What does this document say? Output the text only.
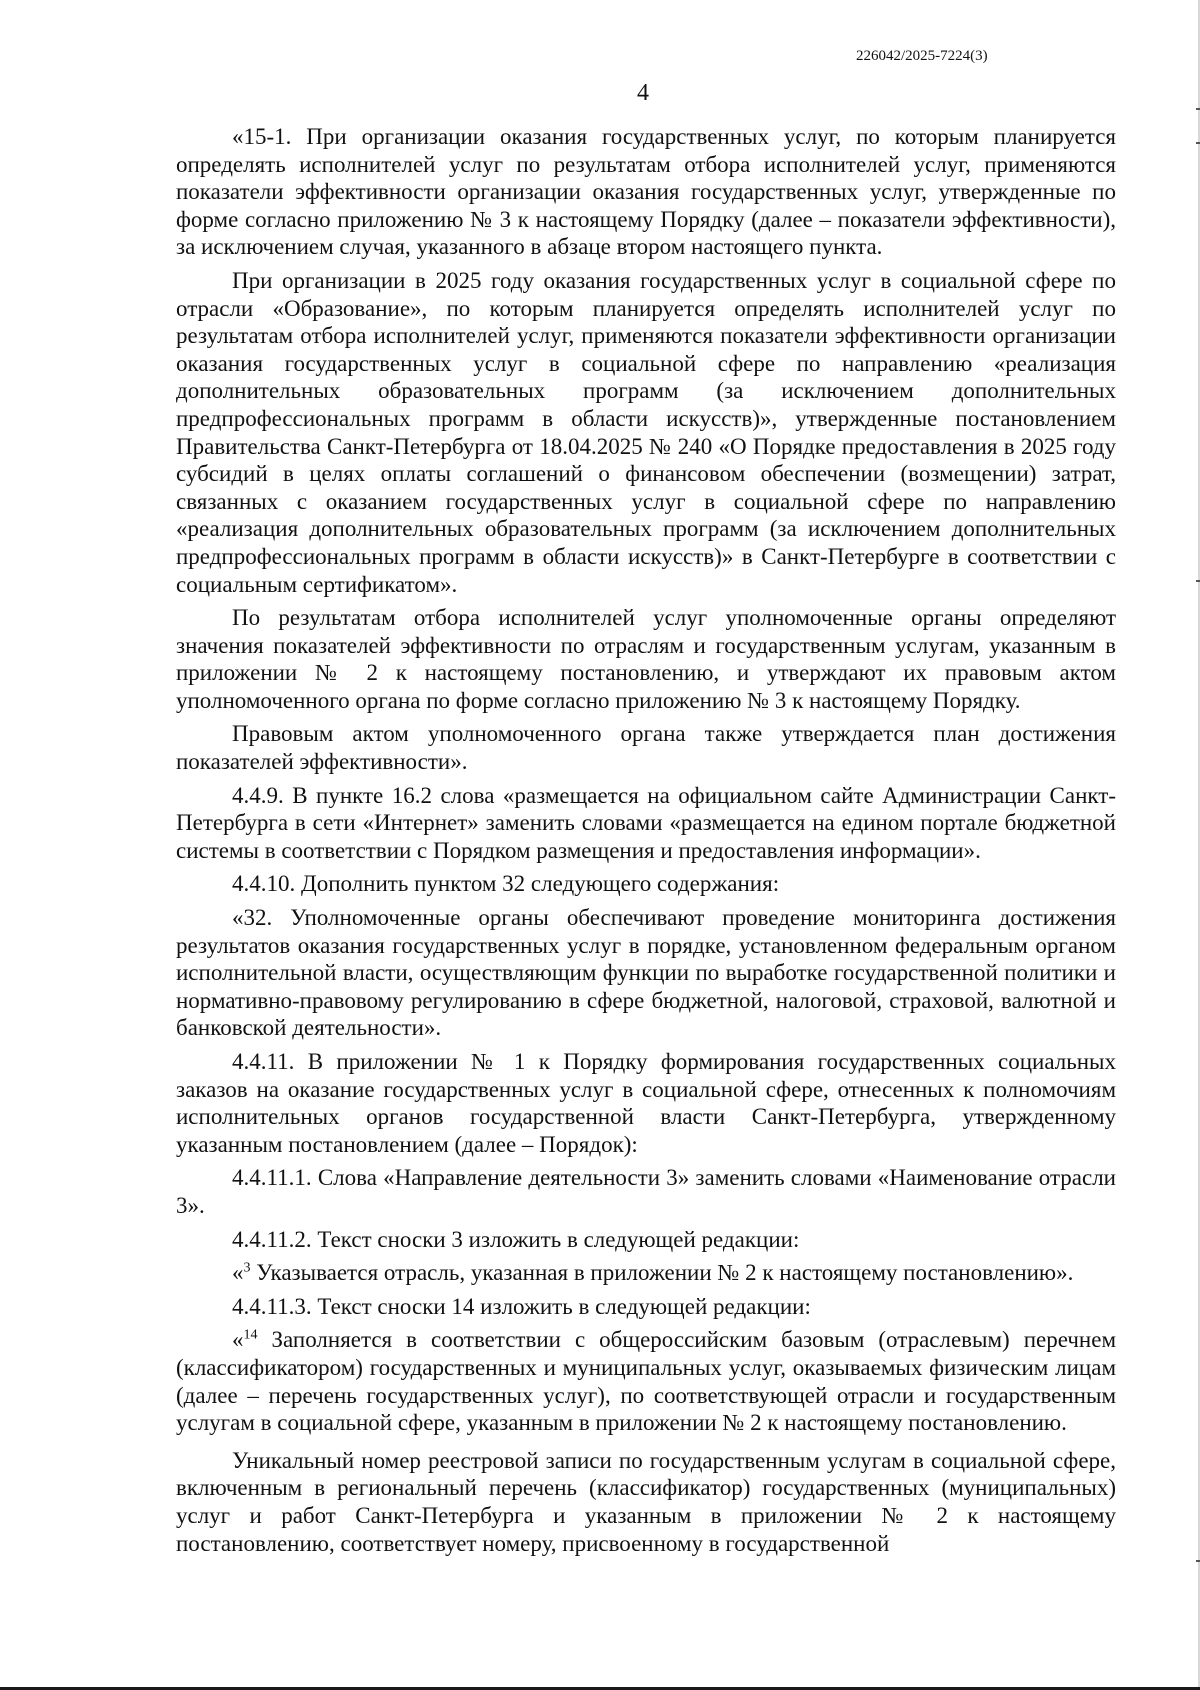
226042/2025-7224(3)
4

«15-1. При организации оказания государственных услуг, по которым планируется определять исполнителей услуг по результатам отбора исполнителей услуг, применяются показатели эффективности организации оказания государственных услуг, утвержденные по форме согласно приложению № 3 к настоящему Порядку (далее – показатели эффективности), за исключением случая, указанного в абзаце втором настоящего пункта.

При организации в 2025 году оказания государственных услуг в социальной сфере по отрасли «Образование», по которым планируется определять исполнителей услуг по результатам отбора исполнителей услуг, применяются показатели эффективности организации оказания государственных услуг в социальной сфере по направлению «реализация дополнительных образовательных программ (за исключением дополнительных предпрофессиональных программ в области искусств)», утвержденные постановлением Правительства Санкт-Петербурга от 18.04.2025 № 240 «О Порядке предоставления в 2025 году субсидий в целях оплаты соглашений о финансовом обеспечении (возмещении) затрат, связанных с оказанием государственных услуг в социальной сфере по направлению «реализация дополнительных образовательных программ (за исключением дополнительных предпрофессиональных программ в области искусств)» в Санкт-Петербурге в соответствии с социальным сертификатом».

По результатам отбора исполнителей услуг уполномоченные органы определяют значения показателей эффективности по отраслям и государственным услугам, указанным в приложении № 2 к настоящему постановлению, и утверждают их правовым актом уполномоченного органа по форме согласно приложению № 3 к настоящему Порядку.

Правовым актом уполномоченного органа также утверждается план достижения показателей эффективности».

4.4.9. В пункте 16.2 слова «размещается на официальном сайте Администрации Санкт-Петербурга в сети «Интернет» заменить словами «размещается на едином портале бюджетной системы в соответствии с Порядком размещения и предоставления информации».

4.4.10. Дополнить пунктом 32 следующего содержания:

«32. Уполномоченные органы обеспечивают проведение мониторинга достижения результатов оказания государственных услуг в порядке, установленном федеральным органом исполнительной власти, осуществляющим функции по выработке государственной политики и нормативно-правовому регулированию в сфере бюджетной, налоговой, страховой, валютной и банковской деятельности».

4.4.11. В приложении № 1 к Порядку формирования государственных социальных заказов на оказание государственных услуг в социальной сфере, отнесенных к полномочиям исполнительных органов государственной власти Санкт-Петербурга, утвержденному указанным постановлением (далее – Порядок):

4.4.11.1. Слова «Направление деятельности 3» заменить словами «Наименование отрасли 3».

4.4.11.2. Текст сноски 3 изложить в следующей редакции:

«$^3$ Указывается отрасль, указанная в приложении № 2 к настоящему постановлению».

4.4.11.3. Текст сноски 14 изложить в следующей редакции:

«$^{14}$ Заполняется в соответствии с общероссийским базовым (отраслевым) перечнем (классификатором) государственных и муниципальных услуг, оказываемых физическим лицам (далее – перечень государственных услуг), по соответствующей отрасли и государственным услугам в социальной сфере, указанным в приложении № 2 к настоящему постановлению.

Уникальный номер реестровой записи по государственным услугам в социальной сфере, включенным в региональный перечень (классификатор) государственных (муниципальных) услуг и работ Санкт-Петербурга и указанным в приложении № 2 к настоящему постановлению, соответствует номеру, присвоенному в государственной
